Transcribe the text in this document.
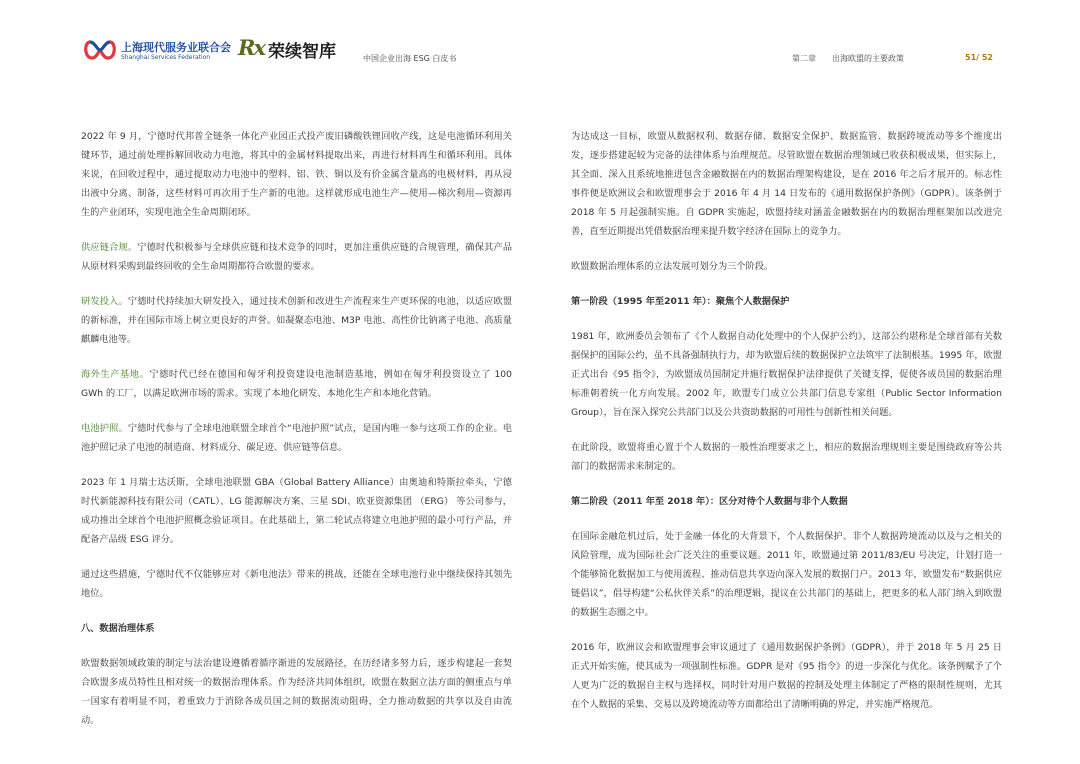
上海现代服务业联合会
Shanghai Services Federation Rx 荣续智库	中国企业出海 ESG 白皮书	第二章 出海欧盟的主要政策	51/ 52

2022 年 9 月，宁德时代邦普全链条一体化产业园正式投产废旧磷酸铁锂回收产线，这是电池循环利用关键环节，通过前处理拆解回收动力电池，将其中的金属材料提取出来，再进行材料再生和循环利用。具体来说，在回收过程中，通过提取动力电池中的塑料、铝、铁、铜以及有价金属含量高的电极材料，再从浸出液中分离、制备，这些材料可再次用于生产新的电池。这样就形成电池生产—使用—梯次利用—资源再生的产业闭环，实现电池全生命周期闭环。

供应链合规。宁德时代积极参与全球供应链和技术竞争的同时，更加注重供应链的合规管理，确保其产品从原材料采购到最终回收的全生命周期都符合欧盟的要求。

研发投入。宁德时代持续加大研发投入，通过技术创新和改进生产流程来生产更环保的电池，以适应欧盟的新标准，并在国际市场上树立更良好的声誉。如凝聚态电池、M3P 电池、高性价比钠离子电池、高质量麒麟电池等。

海外生产基地。宁德时代已经在德国和匈牙利投资建设电池制造基地，例如在匈牙利投资设立了 100 GWh 的工厂，以满足欧洲市场的需求。实现了本地化研发、本地化生产和本地化营销。

电池护照。宁德时代参与了全球电池联盟全球首个“电池护照”试点，是国内唯一参与这项工作的企业。电池护照记录了电池的制造商、材料成分、碳足迹、供应链等信息。

2023 年 1 月瑞士达沃斯，全球电池联盟 GBA（Global Battery Alliance）由奥迪和特斯拉牵头，宁德时代新能源科技有限公司（CATL）、LG 能源解决方案、三星 SDI、欧亚资源集团 （ERG） 等公司参与，成功推出全球首个电池护照概念验证项目。在此基础上，第二轮试点将建立电池护照的最小可行产品，并配备产品级 ESG 评分。

通过这些措施，宁德时代不仅能够应对《新电池法》带来的挑战，还能在全球电池行业中继续保持其领先地位。

八、数据治理体系

欧盟数据领域政策的制定与法治建设遵循着循序渐进的发展路径，在历经诸多努力后，逐步构建起一套契合欧盟多成员特性且相对统一的数据治理体系。作为经济共同体组织，欧盟在数据立法方面的侧重点与单一国家有着明显不同，着重致力于消除各成员国之间的数据流动阻碍，全力推动数据的共享以及自由流动。

为达成这一目标，欧盟从数据权利、数据存储、数据安全保护、数据监管、数据跨境流动等多个维度出发，逐步搭建起较为完备的法律体系与治理规范。尽管欧盟在数据治理领域已收获积极成果，但实际上，其全面、深入且系统地推进包含金融数据在内的数据治理架构建设，是在 2016 年之后才展开的。标志性事件便是欧洲议会和欧盟理事会于 2016 年 4 月 14 日发布的《通用数据保护条例》（GDPR）。该条例于 2018 年 5 月起强制实施。自 GDPR 实施起，欧盟持续对涵盖金融数据在内的数据治理框架加以改进完善，直至近期提出凭借数据治理来提升数字经济在国际上的竞争力。

欧盟数据治理体系的立法发展可划分为三个阶段。

第一阶段（1995 年至2011 年）：聚焦个人数据保护

1981 年，欧洲委员会领布了《个人数据自动化处理中的个人保护公约》，这部公约堪称是全球首部有关数据保护的国际公约，虽不具备强制执行力，却为欧盟后续的数据保护立法筑牢了法制根基。1995 年，欧盟正式出台《95 指令》，为欧盟成员国制定并施行数据保护法律提供了关键支撑，促使各成员国的数据治理标准朝着统一化方向发展。2002 年，欧盟专门成立公共部门信息专家组（Public Sector Information Group），旨在深入探究公共部门以及公共资助数据的可用性与创新性相关问题。

在此阶段，欧盟将重心置于个人数据的一般性治理要求之上，相应的数据治理规则主要是围绕政府等公共部门的数据需求来制定的。

第二阶段（2011 年至 2018 年）：区分对待个人数据与非个人数据

在国际金融危机过后，处于金融一体化的大背景下，个人数据保护、非个人数据跨境流动以及与之相关的风险管理，成为国际社会广泛关注的重要议题。2011 年，欧盟通过第 2011/83/EU 号决定，计划打造一个能够简化数据加工与使用流程、推动信息共享迈向深入发展的数据门户。2013 年，欧盟发布“数据供应链倡议”，倡导构建“公私伙伴关系”的治理逻辑，提议在公共部门的基础上，把更多的私人部门纳入到欧盟的数据生态圈之中。

2016 年，欧洲议会和欧盟理事会审议通过了《通用数据保护条例》（GDPR），并于 2018 年 5 月 25 日正式开始实施，使其成为一项强制性标准。GDPR 是对《95 指令》的进一步深化与优化。该条例赋予了个人更为广泛的数据自主权与选择权，同时针对用户数据的控制及处理主体制定了严格的限制性规则，尤其在个人数据的采集、交易以及跨境流动等方面都给出了清晰明确的界定，并实施严格规范。
